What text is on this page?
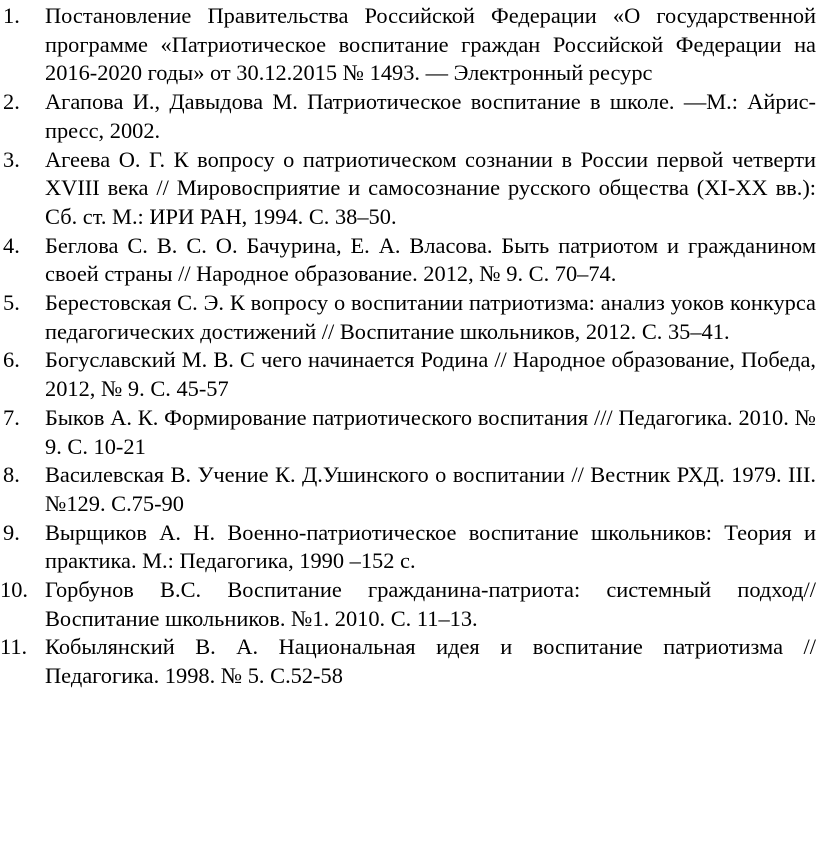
1. Постановление Правительства Российской Федерации «О государственной программе «Патриотическое воспитание граждан Российской Федерации на 2016-2020 годы» от 30.12.2015 № 1493. — Электронный ресурс
2. Агапова И., Давыдова М. Патриотическое воспитание в школе. —М.: Айрис-пресс, 2002.
3. Агеева О. Г. К вопросу о патриотическом сознании в России первой четверти XVIII века // Мировосприятие и самосознание русского общества (XI-XX вв.): Сб. ст. М.: ИРИ РАН, 1994. С. 38–50.
4. Беглова С. В. С. О. Бачурина, Е. А. Власова. Быть патриотом и гражданином своей страны // Народное образование. 2012, № 9. С. 70–74.
5. Берестовская С. Э. К вопросу о воспитании патриотизма: анализ уоков конкурса педагогических достижений // Воспитание школьников, 2012. С. 35–41.
6. Богуславский М. В. С чего начинается Родина // Народное образование, Победа, 2012, № 9. С. 45-57
7. Быков А. К. Формирование патриотического воспитания /// Педагогика. 2010. № 9. С. 10-21
8. Василевская В. Учение К. Д.Ушинского о воспитании // Вестник РХД. 1979. III. №129. С.75-90
9. Вырщиков А. Н. Военно-патриотическое воспитание школьников: Теория и практика. М.: Педагогика, 1990 –152 с.
10. Горбунов В.С. Воспитание гражданина-патриота: системный подход//Воспитание школьников. №1. 2010. С. 11–13.
11. Кобылянский В. А. Национальная идея и воспитание патриотизма // Педагогика. 1998. № 5. С.52-58
